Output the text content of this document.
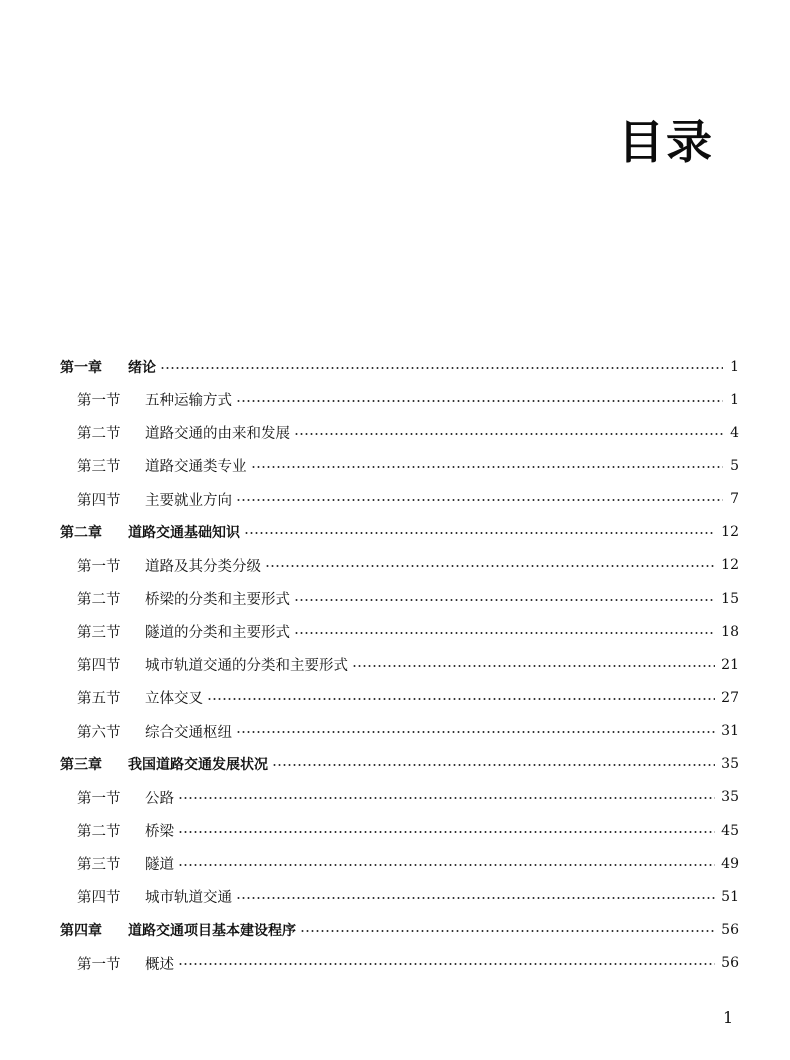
目录
第一章	绪论	1
第一节	五种运输方式	1
第二节	道路交通的由来和发展	4
第三节	道路交通类专业	5
第四节	主要就业方向	7
第二章	道路交通基础知识	12
第一节	道路及其分类分级	12
第二节	桥梁的分类和主要形式	15
第三节	隧道的分类和主要形式	18
第四节	城市轨道交通的分类和主要形式	21
第五节	立体交叉	27
第六节	综合交通枢纽	31
第三章	我国道路交通发展状况	35
第一节	公路	35
第二节	桥梁	45
第三节	隧道	49
第四节	城市轨道交通	51
第四章	道路交通项目基本建设程序	56
第一节	概述	56
1
